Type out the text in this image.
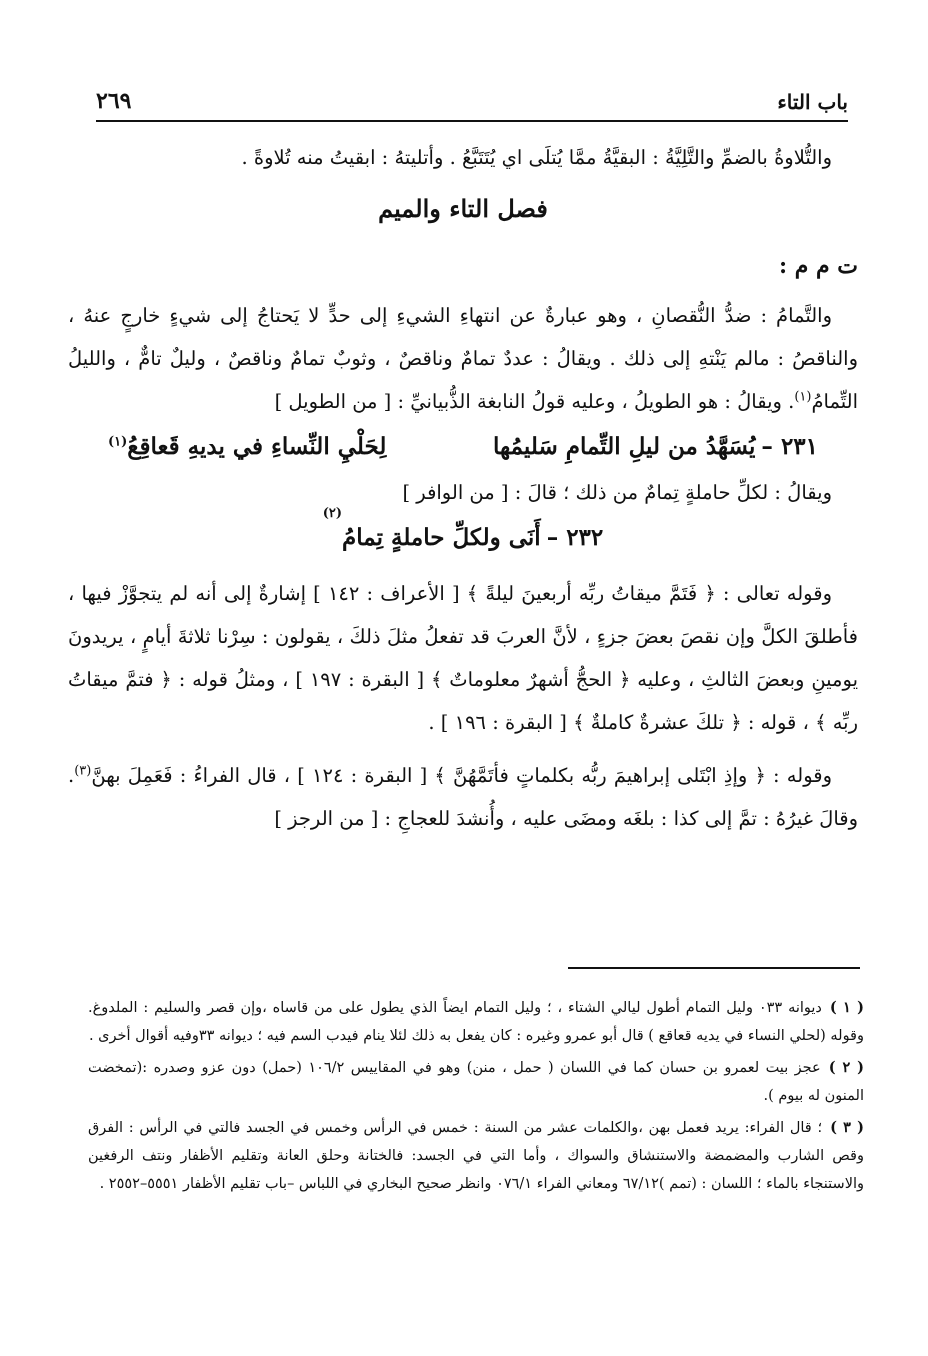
باب التاء
٢٦٩

والتُّلاوةُ بالضمِّ والتَّلِيَّةُ : البقيَّةُ ممَّا يُتلَى اي يُتَتَبَّعُ . وأتليتهُ : ابقيتُ منه تُلاوةً .

فصل التاء والميم
ت م م :

والتَّمامُ : ضدُّ النُّقصانِ ، وهو عبارةٌ عن انتهاءِ الشيءِ إلى حدٍّ لا يَحتاجُ إلى شيءٍ خارجٍ عنهُ ، والناقصُ : مالم يَنْتهِ إلى ذلك . ويقالُ : عددٌ تمامٌ وناقصٌ ، وثوبٌ تمامٌ وناقصٌ ، وليلٌ تامٌّ ، والليلُ التِّمامُ$^{(١)}$. ويقالُ : هو الطويلُ ، وعليه قولُ النابغة الذُّبيانيِّ : [ من الطويل ]

٢٣١ –يُسَهَّدُ من ليلِ التِّمامِ سَليمُها
لِحَلْيِ النِّساءِ في يديهِ قَعاقِعُ$^{(١)}$

ويقالُ : لكلِّ حاملةٍ تِمامٌ من ذلك ؛ قالَ : [ من الوافر ]

٢٣٢ –
أَنَى ولكلِّ حاملةٍ تِمامُ
(٢)

وقوله تعالى : ﴿ فَتَمَّ ميقاتُ ربِّه أربعينَ ليلةً ﴾ [ الأعراف : ١٤٢ ] إشارةٌ إلى أنه لم يتجوَّزْ فيها ، فأطلقَ الكلَّ وإن نقصَ بعضَ جزءٍ ، لأنَّ العربَ قد تفعلُ مثلَ ذلكَ ، يقولون : سِرْنا ثلاثةَ أيامٍ ، يريدونَ يومينِ وبعضَ الثالثِ ، وعليه ﴿ الحجُّ أشهرٌ معلوماتٌ ﴾ [ البقرة : ١٩٧ ] ، ومثلُ قوله : ﴿ فتمَّ ميقاتُ ربِّه ﴾ ، قوله : ﴿ تلكَ عشرةٌ كاملةٌ ﴾ [ البقرة : ١٩٦ ] .

وقوله : ﴿ وإذِ ابْتَلى إبراهيمَ ربُّه بكلماتٍ فأتَمَّهُنَّ ﴾ [ البقرة : ١٢٤ ] ، قال الفراءُ : فَعَمِلَ بهنَّ$^{(٣)}$. وقالَ غيرُهُ : تمَّ إلى كذا : بلغَه ومضَى عليه ، وأُنشدَ للعجاجِ : [ من الرجز ]

( ١ )ديوانه ٠٣٣ وليل التمام أطول ليالي الشتاء ، ؛ وليل التمام ايضاً الذي يطول على من قاساه ،وإن قصر والسليم : الملدوغ. وقوله (لحلي النساء في يديه قعاقع ) قال أبو عمرو وغيره : كان يفعل به ذلك لئلا ينام فيدب السم فيه ؛ ديوانه ٣٣وفيه أقوال أخرى .

( ٢ )عجز بيت لعمرو بن حسان كما في اللسان ( حمل ، منن) وهو في المقاييس ١٠٦/٢ (حمل) دون عزو وصدره :(تمخضت المنون له بيوم ).

( ٣ )؛ قال الفراء: يريد فعمل بهن ،والكلمات عشر من السنة : خمس في الرأس وخمس في الجسد فالتي في الرأس : الفرق وقص الشارب والمضمضة والاستنشاق والسواك ، وأما التي في الجسد: فالختانة وحلق العانة وتقليم الأظفار ونتف الرفغين والاستنجاء بالماء ؛ اللسان : (تمم )٦٧/١٢ ومعاني الفراء ٠٧٦/١ وانظر صحيح البخاري في اللباس –باب تقليم الأظفار ٥٥٥١–٢٥٥٢ .
